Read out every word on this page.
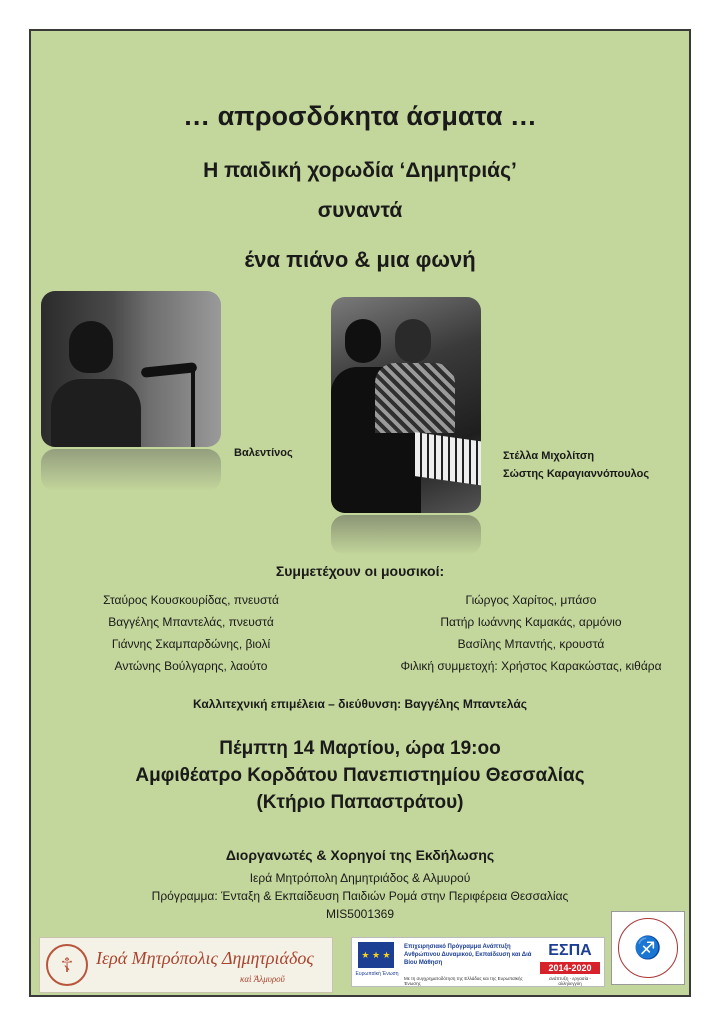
… απροσδόκητα άσματα …
Η παιδική χορωδία ‘Δημητριάς’
συναντά
ένα πιάνο & μια φωνή
Βαλεντίνος	Στέλλα Μιχολίτση
Σώστης Καραγιαννόπουλος
Συμμετέχουν οι μουσικοί:
Σταύρος Κουσκουρίδας, πνευστά
Βαγγέλης Μπαντελάς, πνευστά
Γιάννης Σκαμπαρδώνης, βιολί
Αντώνης Βούλγαρης, λαούτο
Γιώργος Χαρίτος, μπάσο
Πατήρ Ιωάννης Καμακάς, αρμόνιο
Βασίλης Μπαντής, κρουστά
Φιλική συμμετοχή: Χρήστος Καρακώστας, κιθάρα
Καλλιτεχνική επιμέλεια – διεύθυνση: Βαγγέλης Μπαντελάς
Πέμπτη 14 Μαρτίου, ώρα 19:οο
Αμφιθέατρο Κορδάτου Πανεπιστημίου Θεσσαλίας
(Κτήριο Παπαστράτου)
Διοργανωτές & Χορηγοί της Εκδήλωσης
Ιερά Μητρόπολη Δημητριάδος & Αλμυρού
Πρόγραμμα: Ένταξη & Εκπαίδευση Παιδιών Ρομά στην Περιφέρεια Θεσσαλίας
MIS5001369
☦	Ιερά Μητρόπολις Δημητριάδος
καὶ Ἁλμυροῦ
★ ★ ★
Ευρωπαϊκή Ένωση
Επιχειρησιακό Πρόγραμμα Ανάπτυξη Ανθρώπινου Δυναμικού, Εκπαίδευση και Διά Βίου Μάθηση
Με τη συγχρηματοδότηση της Ελλάδας και της Ευρωπαϊκής Ένωσης
ΕΣΠΑ
2014-2020
ανάπτυξη - εργασία - αλληλεγγύη
♐
